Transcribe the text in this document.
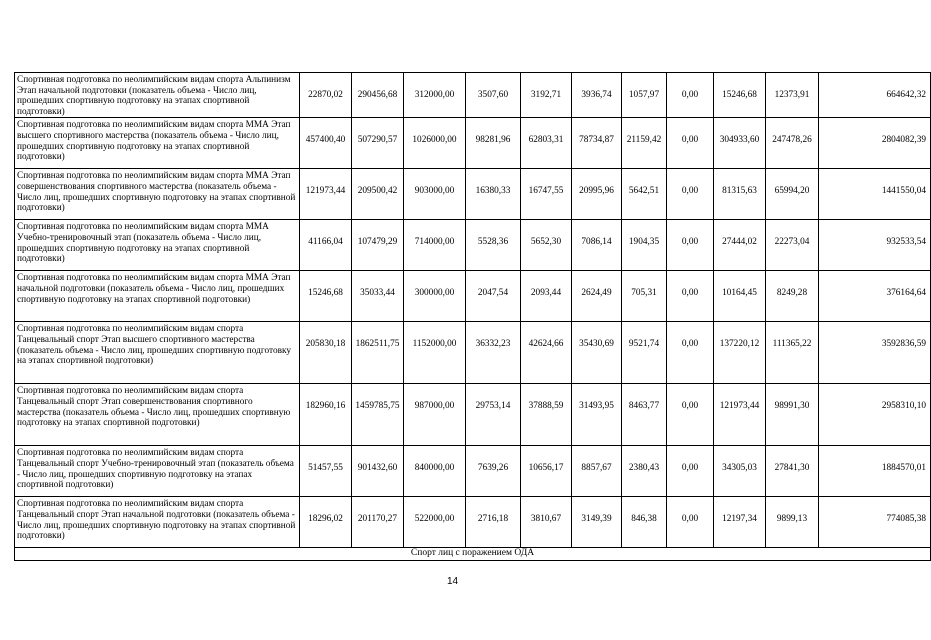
Спортивная подготовка по неолимпийским видам спорта Альпинизм Этап начальной подготовки (показатель объема - Число лиц, прошедших спортивную подготовку на этапах спортивной подготовки)	22870,02	290456,68	312000,00	3507,60	3192,71	3936,74	1057,97	0,00	15246,68	12373,91	664642,32
Спортивная подготовка по неолимпийским видам спорта ММА Этап высшего спортивного мастерства (показатель объема - Число лиц, прошедших спортивную подготовку на этапах спортивной подготовки)	457400,40	507290,57	1026000,00	98281,96	62803,31	78734,87	21159,42	0,00	304933,60	247478,26	2804082,39
Спортивная подготовка по неолимпийским видам спорта ММА Этап совершенствования спортивного мастерства (показатель объема - Число лиц, прошедших спортивную подготовку на этапах спортивной подготовки)	121973,44	209500,42	903000,00	16380,33	16747,55	20995,96	5642,51	0,00	81315,63	65994,20	1441550,04
Спортивная подготовка по неолимпийским видам спорта ММА Учебно-тренировочный этап (показатель объема - Число лиц, прошедших спортивную подготовку на этапах спортивной подготовки)	41166,04	107479,29	714000,00	5528,36	5652,30	7086,14	1904,35	0,00	27444,02	22273,04	932533,54
Спортивная подготовка по неолимпийским видам спорта ММА Этап начальной подготовки (показатель объема - Число лиц, прошедших спортивную подготовку на этапах спортивной подготовки)	15246,68	35033,44	300000,00	2047,54	2093,44	2624,49	705,31	0,00	10164,45	8249,28	376164,64
Спортивная подготовка по неолимпийским видам спорта Танцевальный спорт Этап высшего спортивного мастерства (показатель объема - Число лиц, прошедших спортивную подготовку на этапах спортивной подготовки)	205830,18	1862511,75	1152000,00	36332,23	42624,66	35430,69	9521,74	0,00	137220,12	111365,22	3592836,59
Спортивная подготовка по неолимпийским видам спорта Танцевальный спорт Этап совершенствования спортивного мастерства (показатель объема - Число лиц, прошедших спортивную подготовку на этапах спортивной подготовки)	182960,16	1459785,75	987000,00	29753,14	37888,59	31493,95	8463,77	0,00	121973,44	98991,30	2958310,10
Спортивная подготовка по неолимпийским видам спорта Танцевальный спорт Учебно-тренировочный этап (показатель объема - Число лиц, прошедших спортивную подготовку на этапах спортивной подготовки)	51457,55	901432,60	840000,00	7639,26	10656,17	8857,67	2380,43	0,00	34305,03	27841,30	1884570,01
Спортивная подготовка по неолимпийским видам спорта Танцевальный спорт Этап начальной подготовки (показатель объема - Число лиц, прошедших спортивную подготовку на этапах спортивной подготовки)	18296,02	201170,27	522000,00	2716,18	3810,67	3149,39	846,38	0,00	12197,34	9899,13	774085,38
Спорт лиц с поражением ОДА											
14
